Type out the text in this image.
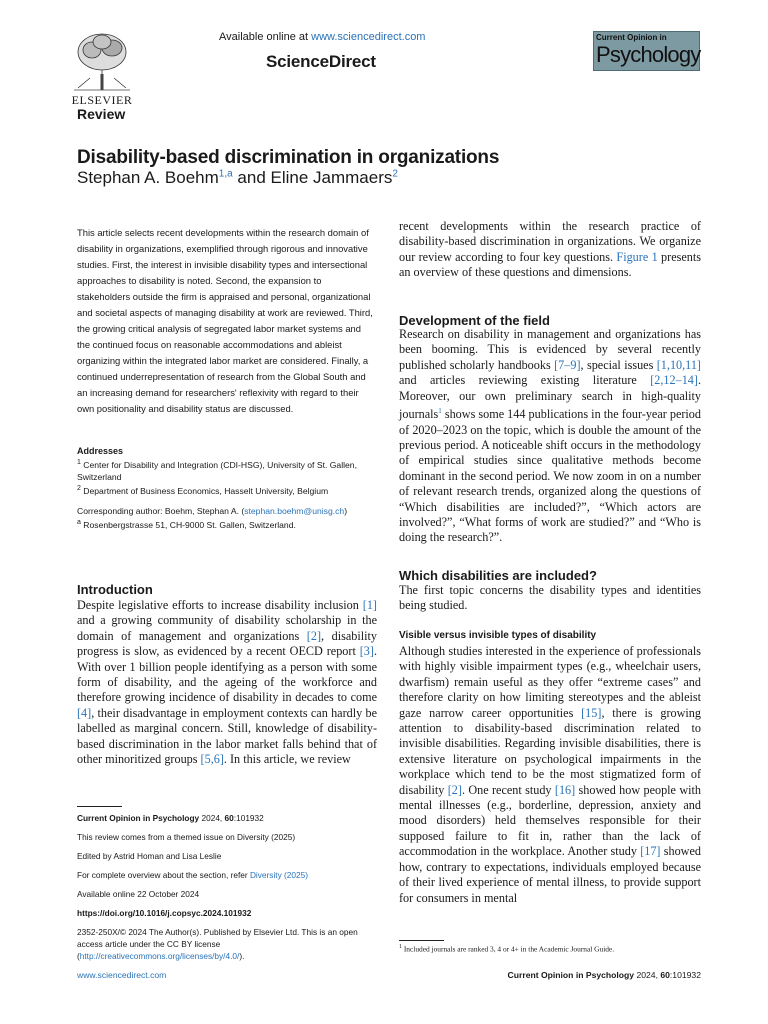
ELSEVIER
Available online at www.sciencedirect.com
ScienceDirect
Current Opinion in
Psychology
Review
Disability-based discrimination in organizations
Stephan A. Boehm$^{1,a}$ and Eline Jammaers$^2$
This article selects recent developments within the research domain of disability in organizations, exemplified through rigorous and innovative studies. First, the interest in invisible disability types and intersectional approaches to disability is noted. Second, the expansion to stakeholders outside the firm is appraised and personal, organizational and societal aspects of managing disability at work are reviewed. Third, the growing critical analysis of segregated labor market systems and the continued focus on reasonable accommodations and ableist organizing within the integrated labor market are considered. Finally, a continued underrepresentation of research from the Global South and an increasing demand for researchers' reflexivity with regard to their own positionality and disability status are discussed.
Addresses
$^1$ Center for Disability and Integration (CDI-HSG), University of St. Gallen, Switzerland
$^2$ Department of Business Economics, Hasselt University, Belgium
Corresponding author: Boehm, Stephan A. (stephan.boehm@unisg.ch)
$^a$ Rosenbergstrasse 51, CH-9000 St. Gallen, Switzerland.
Introduction
Despite legislative efforts to increase disability inclusion [1] and a growing community of disability scholarship in the domain of management and organizations [2], disability progress is slow, as evidenced by a recent OECD report [3]. With over 1 billion people identifying as a person with some form of disability, and the ageing of the workforce and therefore growing incidence of disability in decades to come [4], their disadvantage in employment contexts can hardly be labelled as marginal concern. Still, knowledge of disability-based discrimination in the labor market falls behind that of other minoritized groups [5,6]. In this article, we review

Current Opinion in Psychology 2024, 60:101932

This review comes from a themed issue on Diversity (2025)

Edited by Astrid Homan and Lisa Leslie

For complete overview about the section, refer Diversity (2025)

Available online 22 October 2024

https://doi.org/10.1016/j.copsyc.2024.101932

2352-250X/© 2024 The Author(s). Published by Elsevier Ltd. This is an open access article under the CC BY license (http://creativecommons.org/licenses/by/4.0/).

recent developments within the research practice of disability-based discrimination in organizations. We organize our review according to four key questions. Figure 1 presents an overview of these questions and dimensions.
Development of the field
Research on disability in management and organizations has been booming. This is evidenced by several recently published scholarly handbooks [7–9], special issues [1,10,11] and articles reviewing existing literature [2,12–14]. Moreover, our own preliminary search in high-quality journals$^1$ shows some 144 publications in the four-year period of 2020–2023 on the topic, which is double the amount of the previous period. A noticeable shift occurs in the methodology of empirical studies since qualitative methods become dominant in the second period. We now zoom in on a number of relevant research trends, organized along the questions of “Which disabilities are included?”, “Which actors are involved?”, “What forms of work are studied?” and “Who is doing the research?”.
Which disabilities are included?
The first topic concerns the disability types and identities being studied.
Visible versus invisible types of disability
Although studies interested in the experience of professionals with highly visible impairment types (e.g., wheelchair users, dwarfism) remain useful as they offer “extreme cases” and therefore clarity on how limiting stereotypes and the ableist gaze narrow career opportunities [15], there is growing attention to disability-based discrimination related to invisible disabilities. Regarding invisible disabilities, there is extensive literature on psychological impairments in the workplace which tend to be the most stigmatized form of disability [2]. One recent study [16] showed how people with mental illnesses (e.g., borderline, depression, anxiety and mood disorders) held themselves responsible for their supposed failure to fit in, rather than the lack of accommodation in the workplace. Another study [17] showed how, contrary to expectations, individuals employed because of their lived experience of mental illness, to provide support for consumers in mental
$^1$ Included journals are ranked 3, 4 or 4+ in the Academic Journal Guide.
www.sciencedirect.com	Current Opinion in Psychology 2024, 60:101932
